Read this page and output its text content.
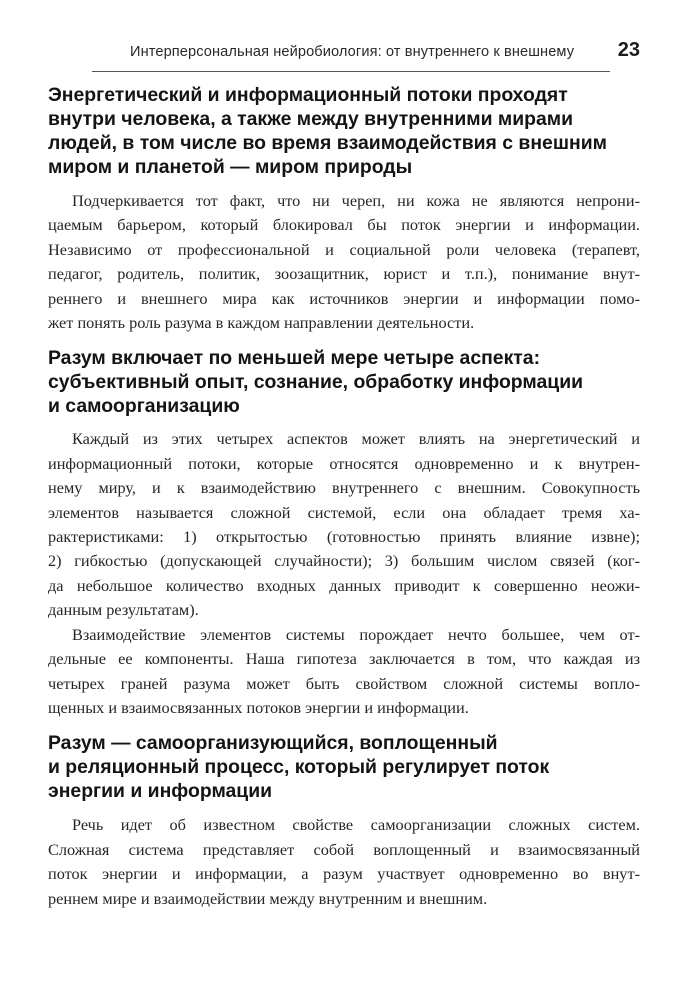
Интерперсональная нейробиология: от внутреннего к внешнему 23
Энергетический и информационный потоки проходят
внутри человека, а также между внутренними мирами
людей, в том числе во время взаимодействия с внешним
миром и планетой — миром природы

Подчеркивается тот факт, что ни череп, ни кожа не являются непрони-
цаемым барьером, который блокировал бы поток энергии и информации.
Независимо от профессиональной и социальной роли человека (терапевт,
педагог, родитель, политик, зоозащитник, юрист и т.п.), понимание внут-
реннего и внешнего мира как источников энергии и информации помо-
жет понять роль разума в каждом направлении деятельности.

Разум включает по меньшей мере четыре аспекта:
субъективный опыт, сознание, обработку информации
и самоорганизацию

Каждый из этих четырех аспектов может влиять на энергетический и
информационный потоки, которые относятся одновременно и к внутрен-
нему миру, и к взаимодействию внутреннего с внешним. Совокупность
элементов называется сложной системой, если она обладает тремя ха-
рактеристиками: 1) открытостью (готовностью принять влияние извне);
2) гибкостью (допускающей случайности); 3) большим числом связей (ког-
да небольшое количество входных данных приводит к совершенно неожи-
данным результатам).

Взаимодействие элементов системы порождает нечто большее, чем от-
дельные ее компоненты. Наша гипотеза заключается в том, что каждая из
четырех граней разума может быть свойством сложной системы вопло-
щенных и взаимосвязанных потоков энергии и информации.

Разум — самоорганизующийся, воплощенный
и реляционный процесс, который регулирует поток
энергии и информации

Речь идет об известном свойстве самоорганизации сложных систем.
Сложная система представляет собой воплощенный и взаимосвязанный
поток энергии и информации, а разум участвует одновременно во внут-
реннем мире и взаимодействии между внутренним и внешним.
